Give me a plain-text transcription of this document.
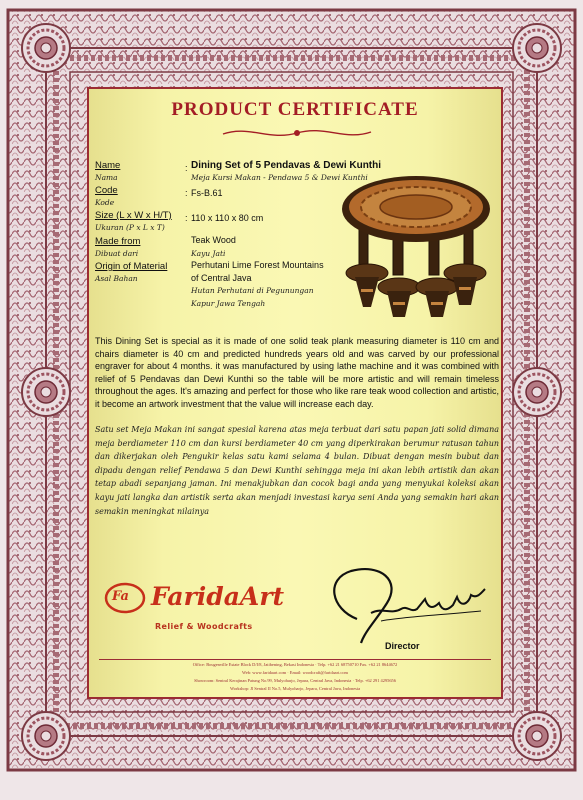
PRODUCT CERTIFICATE
Name
Nama
Code
Kode
Size (L x W x H/T)
Ukuran (P x L x T)
Made from
Dibuat dari
Origin of Material
Asal Bahan
:
:
:
Dining Set of 5 Pendavas & Dewi Kunthi
Meja Kursi Makan - Pendawa 5 & Dewi Kunthi
Fs-B.61
110 x 110 x 80 cm
Teak Wood
Kayu Jati
Perhutani Lime Forest Mountains
of Central Java
Hutan Perhutani di Pegunungan
Kapur Jawa Tengah
This Dining Set is special as it is made of one solid teak plank measuring diameter is 110 cm and chairs diameter is 40 cm and predicted hundreds years old and was carved by our professional engraver for about 4 months. it was manufactured by using lathe machine and it was combined with relief of 5 Pendavas dan Dewi Kunthi so the table will be more artistic and will remain timeless throughout the ages. It's amazing and perfect for those who like rare teak wood collection and artistic, it become an artwork investment that the value will increase each day.
Satu set Meja Makan ini sangat spesial karena atas meja terbuat dari satu papan jati solid dimana meja berdiameter 110 cm dan kursi berdiameter 40 cm yang diperkirakan berumur ratusan tahun dan dikerjakan oleh Pengukir kelas satu kami selama 4 bulan. Dibuat dengan mesin bubut dan dipadu dengan relief Pendawa 5 dan Dewi Kunthi sehingga meja ini akan lebih artistik dan akan tetap abadi sepanjang jaman. Ini menakjubkan dan cocok bagi anda yang menyukai koleksi akan kayu jati langka dan artistik serta akan menjadi investasi karya seni Anda yang semakin hari akan semakin meningkat nilainya
Fa FaridaArt
Relief & Woodcrafts
Director
Office: Bougenville Estate Block D/I/8, Jatibening, Bekasi Indonesia · Telp. +62 21 68750710 Fax. +62 21 8644672
Web: www.faridaart.com · Email: woodcraft@faridaart.com
Showroom: Sentral Kerajinan Patung No.99, Mulyoharjo, Jepara, Central Java, Indonesia · Telp. +62 291 4295656
Workshop: Jl Sentral II No.5, Mulyoharjo, Jepara, Central Java, Indonesia
